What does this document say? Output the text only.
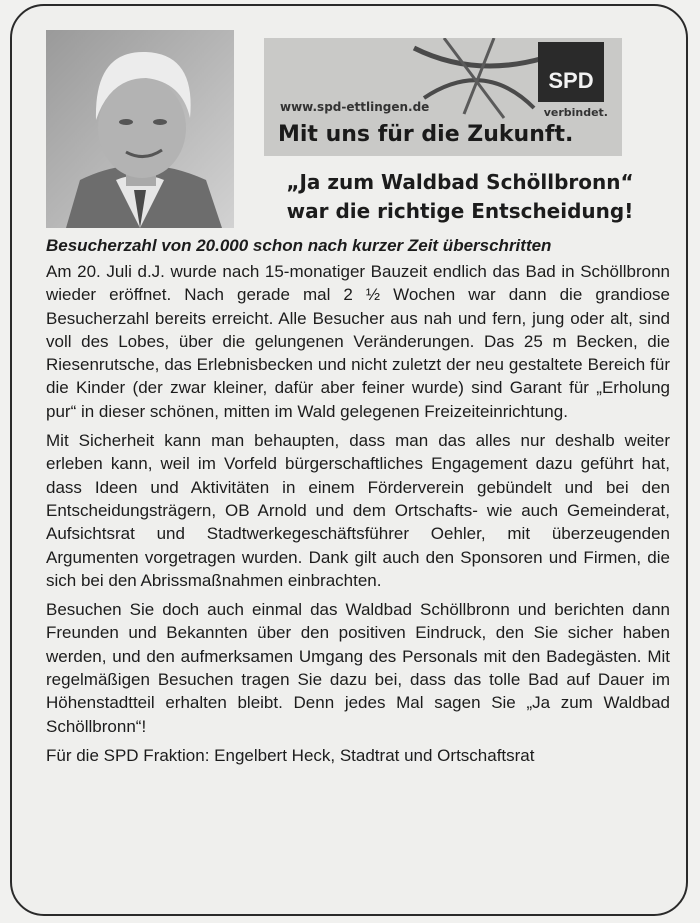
www.spd-ettlingen.de
SPD
verbindet.
Mit uns für die Zukunft.
„Ja zum Waldbad Schöllbronn“
war die richtige Entscheidung!
Besucherzahl von 20.000 schon nach kurzer Zeit überschritten

Am 20. Juli d.J. wurde nach 15-monatiger Bauzeit endlich das Bad in Schöllbronn wieder eröffnet. Nach gerade mal 2 ½ Wochen war dann die grandiose Besucherzahl bereits erreicht. Alle Besucher aus nah und fern, jung oder alt, sind voll des Lobes, über die gelungenen Veränderungen. Das 25 m Becken, die Riesenrutsche, das Erlebnisbecken und nicht zuletzt der neu gestaltete Bereich für die Kinder (der zwar kleiner, dafür aber feiner wurde) sind Garant für „Erholung pur“ in dieser schönen, mitten im Wald gelegenen Freizeiteinrichtung.

Mit Sicherheit kann man behaupten, dass man das alles nur deshalb weiter erleben kann, weil im Vorfeld bürgerschaftliches Engagement dazu geführt hat, dass Ideen und Aktivitäten in einem Förderverein gebündelt und bei den Entscheidungsträgern, OB Arnold und dem Ortschafts- wie auch Gemeinderat, Aufsichtsrat und Stadtwerkegeschäftsführer Oehler, mit überzeugenden Argumenten vorgetragen wurden. Dank gilt auch den Sponsoren und Firmen, die sich bei den Abrissmaßnahmen einbrachten.

Besuchen Sie doch auch einmal das Waldbad Schöllbronn und berichten dann Freunden und Bekannten über den positiven Eindruck, den Sie sicher haben werden, und den aufmerksamen Umgang des Personals mit den Badegästen. Mit regelmäßigen Besuchen tragen Sie dazu bei, dass das tolle Bad auf Dauer im Höhenstadtteil erhalten bleibt. Denn jedes Mal sagen Sie „Ja zum Waldbad Schöllbronn“!

Für die SPD Fraktion: Engelbert Heck, Stadtrat und Ortschaftsrat
